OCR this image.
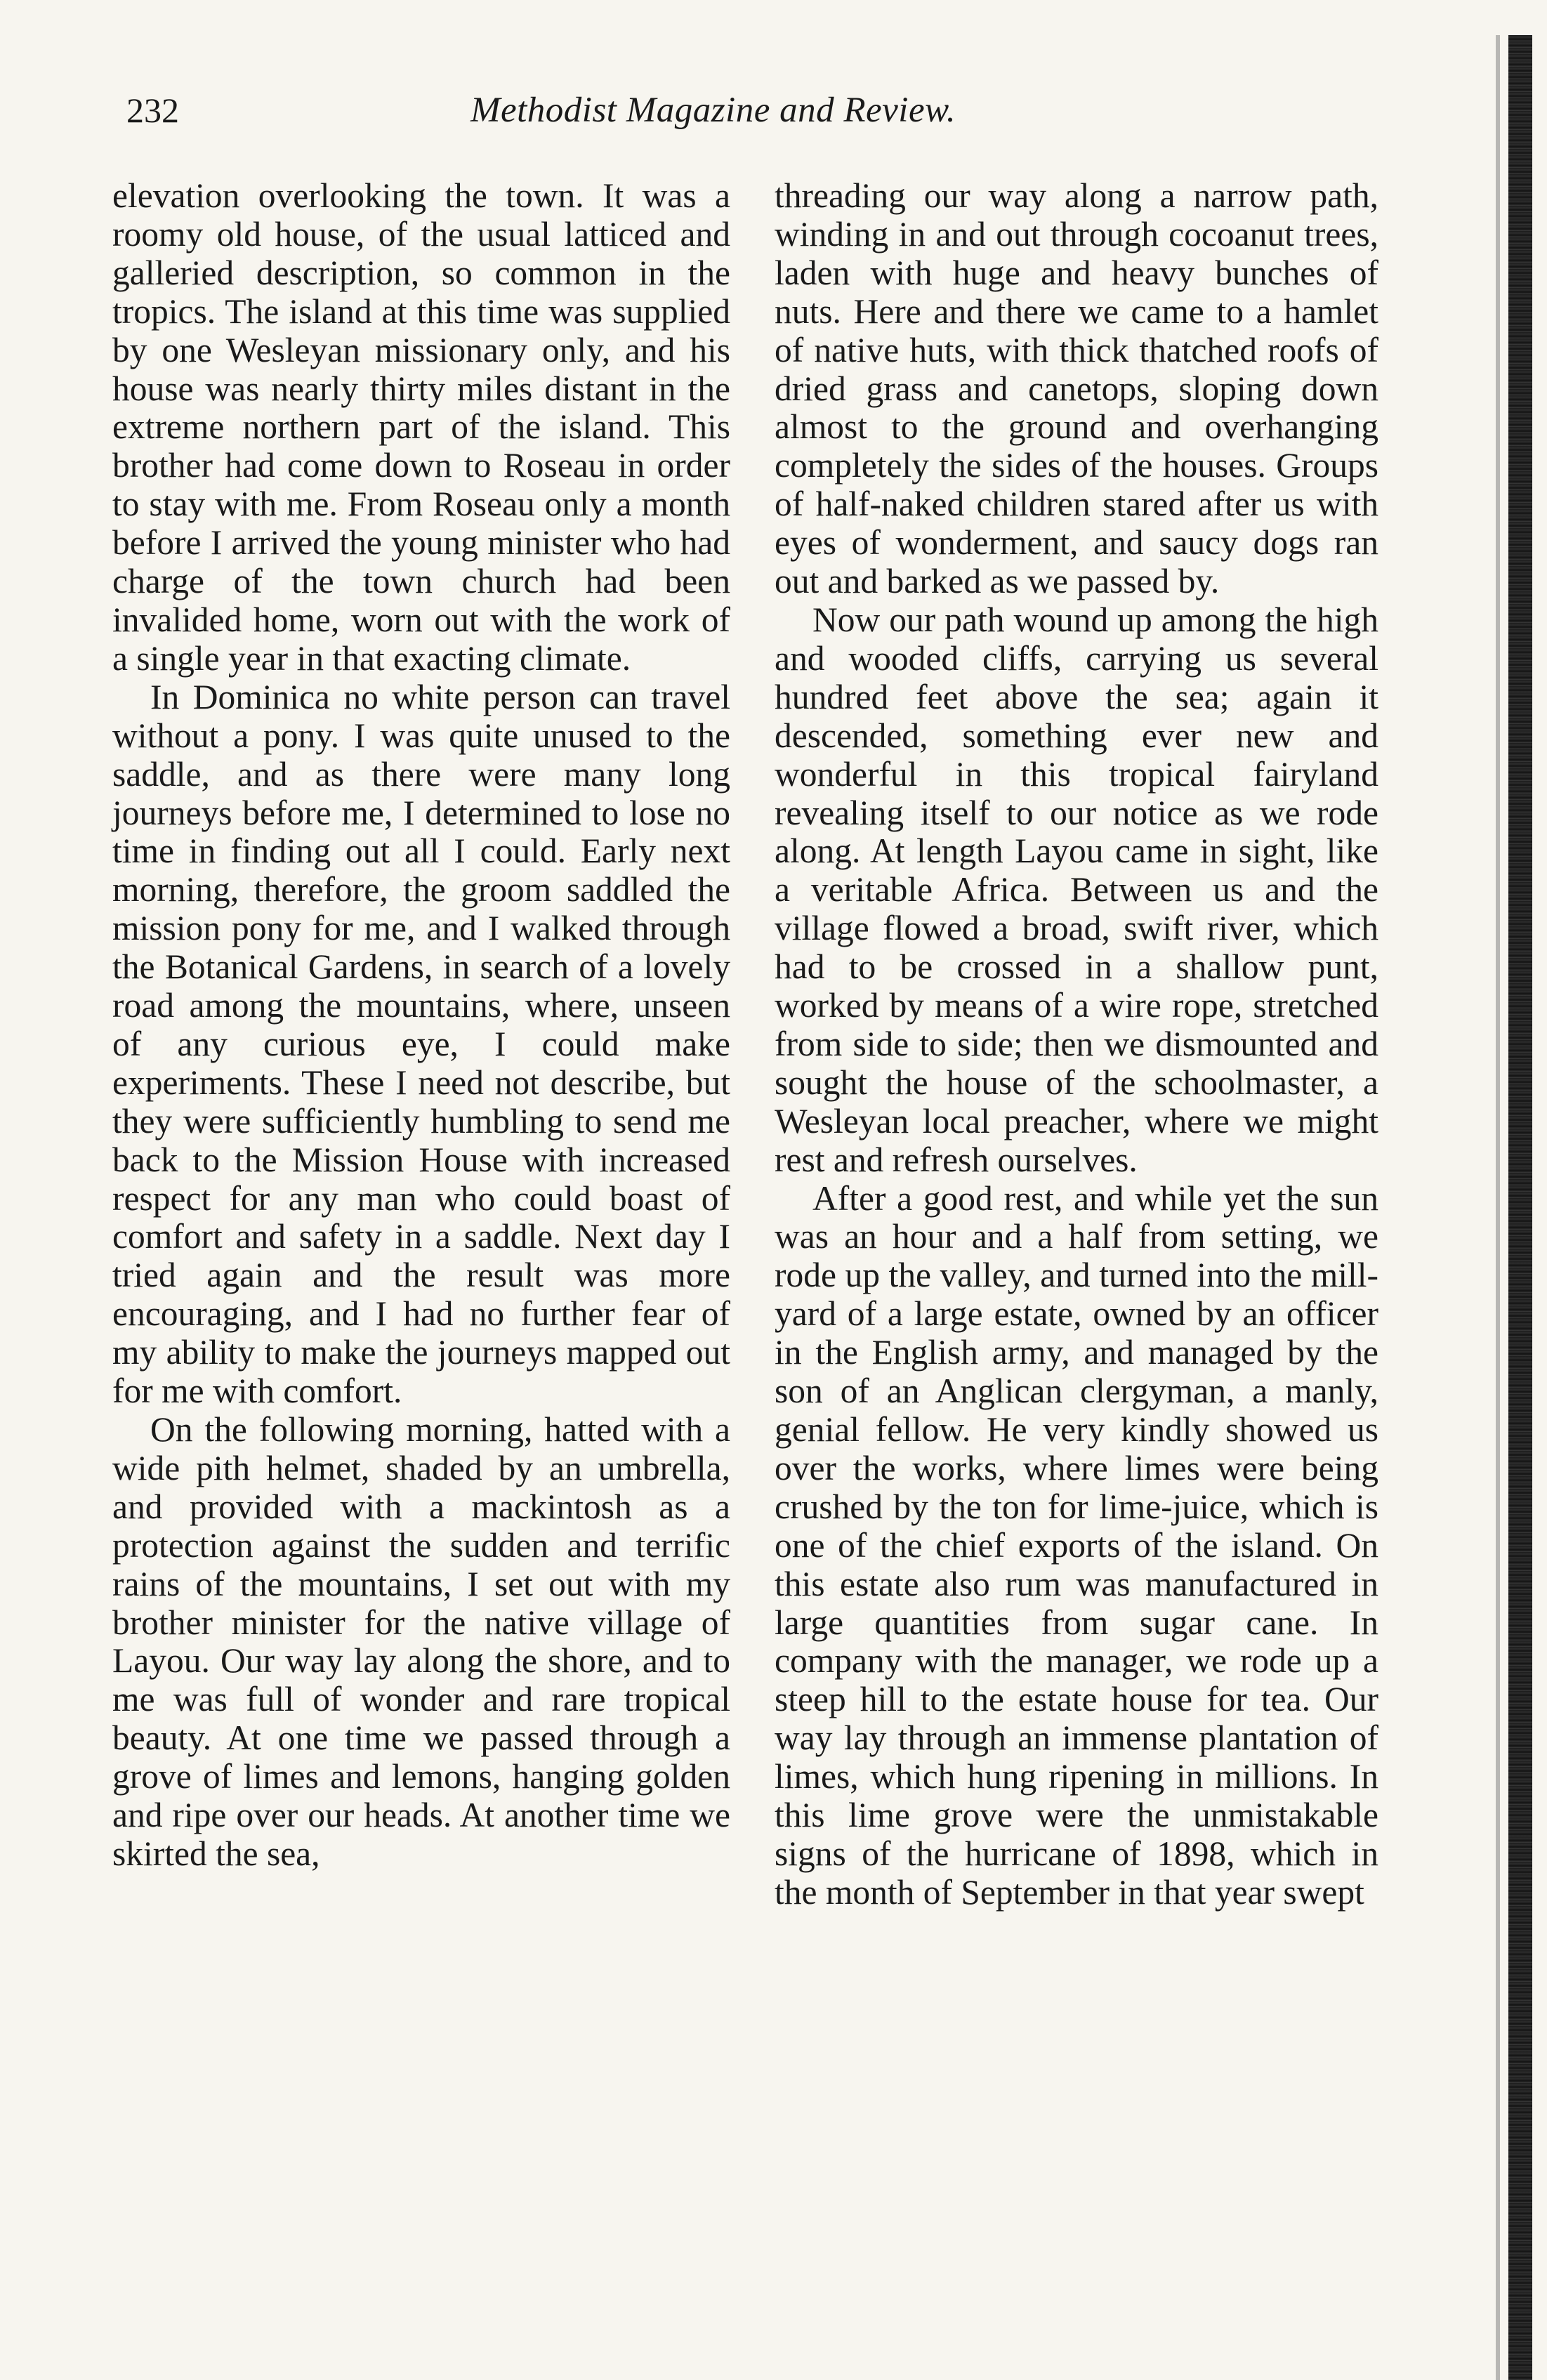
232	Methodist Magazine and Review.

elevation overlooking the town. It was a roomy old house, of the usual latticed and galleried description, so common in the tropics. The island at this time was supplied by one Wesleyan missionary only, and his house was nearly thirty miles distant in the extreme northern part of the island. This brother had come down to Roseau in order to stay with me. From Roseau only a month before I arrived the young minister who had charge of the town church had been invalided home, worn out with the work of a single year in that exacting climate.

In Dominica no white person can travel without a pony. I was quite unused to the saddle, and as there were many long journeys before me, I determined to lose no time in finding out all I could. Early next morning, therefore, the groom saddled the mission pony for me, and I walked through the Botanical Gardens, in search of a lovely road among the mountains, where, unseen of any curious eye, I could make experiments. These I need not describe, but they were sufficiently humbling to send me back to the Mission House with increased respect for any man who could boast of comfort and safety in a saddle. Next day I tried again and the result was more encouraging, and I had no further fear of my ability to make the journeys mapped out for me with comfort.

On the following morning, hatted with a wide pith helmet, shaded by an umbrella, and provided with a mackintosh as a protection against the sudden and terrific rains of the mountains, I set out with my brother minister for the native village of Layou. Our way lay along the shore, and to me was full of wonder and rare tropical beauty. At one time we passed through a grove of limes and lemons, hanging golden and ripe over our heads. At another time we skirted the sea,

threading our way along a narrow path, winding in and out through cocoanut trees, laden with huge and heavy bunches of nuts. Here and there we came to a hamlet of native huts, with thick thatched roofs of dried grass and canetops, sloping down almost to the ground and overhanging completely the sides of the houses. Groups of half-naked children stared after us with eyes of wonderment, and saucy dogs ran out and barked as we passed by.

Now our path wound up among the high and wooded cliffs, carrying us several hundred feet above the sea; again it descended, something ever new and wonderful in this tropical fairyland revealing itself to our notice as we rode along. At length Layou came in sight, like a veritable Africa. Between us and the village flowed a broad, swift river, which had to be crossed in a shallow punt, worked by means of a wire rope, stretched from side to side; then we dismounted and sought the house of the schoolmaster, a Wesleyan local preacher, where we might rest and refresh ourselves.

After a good rest, and while yet the sun was an hour and a half from setting, we rode up the valley, and turned into the mill-yard of a large estate, owned by an officer in the English army, and managed by the son of an Anglican clergyman, a manly, genial fellow. He very kindly showed us over the works, where limes were being crushed by the ton for lime-juice, which is one of the chief exports of the island. On this estate also rum was manufactured in large quantities from sugar cane. In company with the manager, we rode up a steep hill to the estate house for tea. Our way lay through an immense plantation of limes, which hung ripening in millions. In this lime grove were the unmistakable signs of the hurricane of 1898, which in the month of September in that year swept
